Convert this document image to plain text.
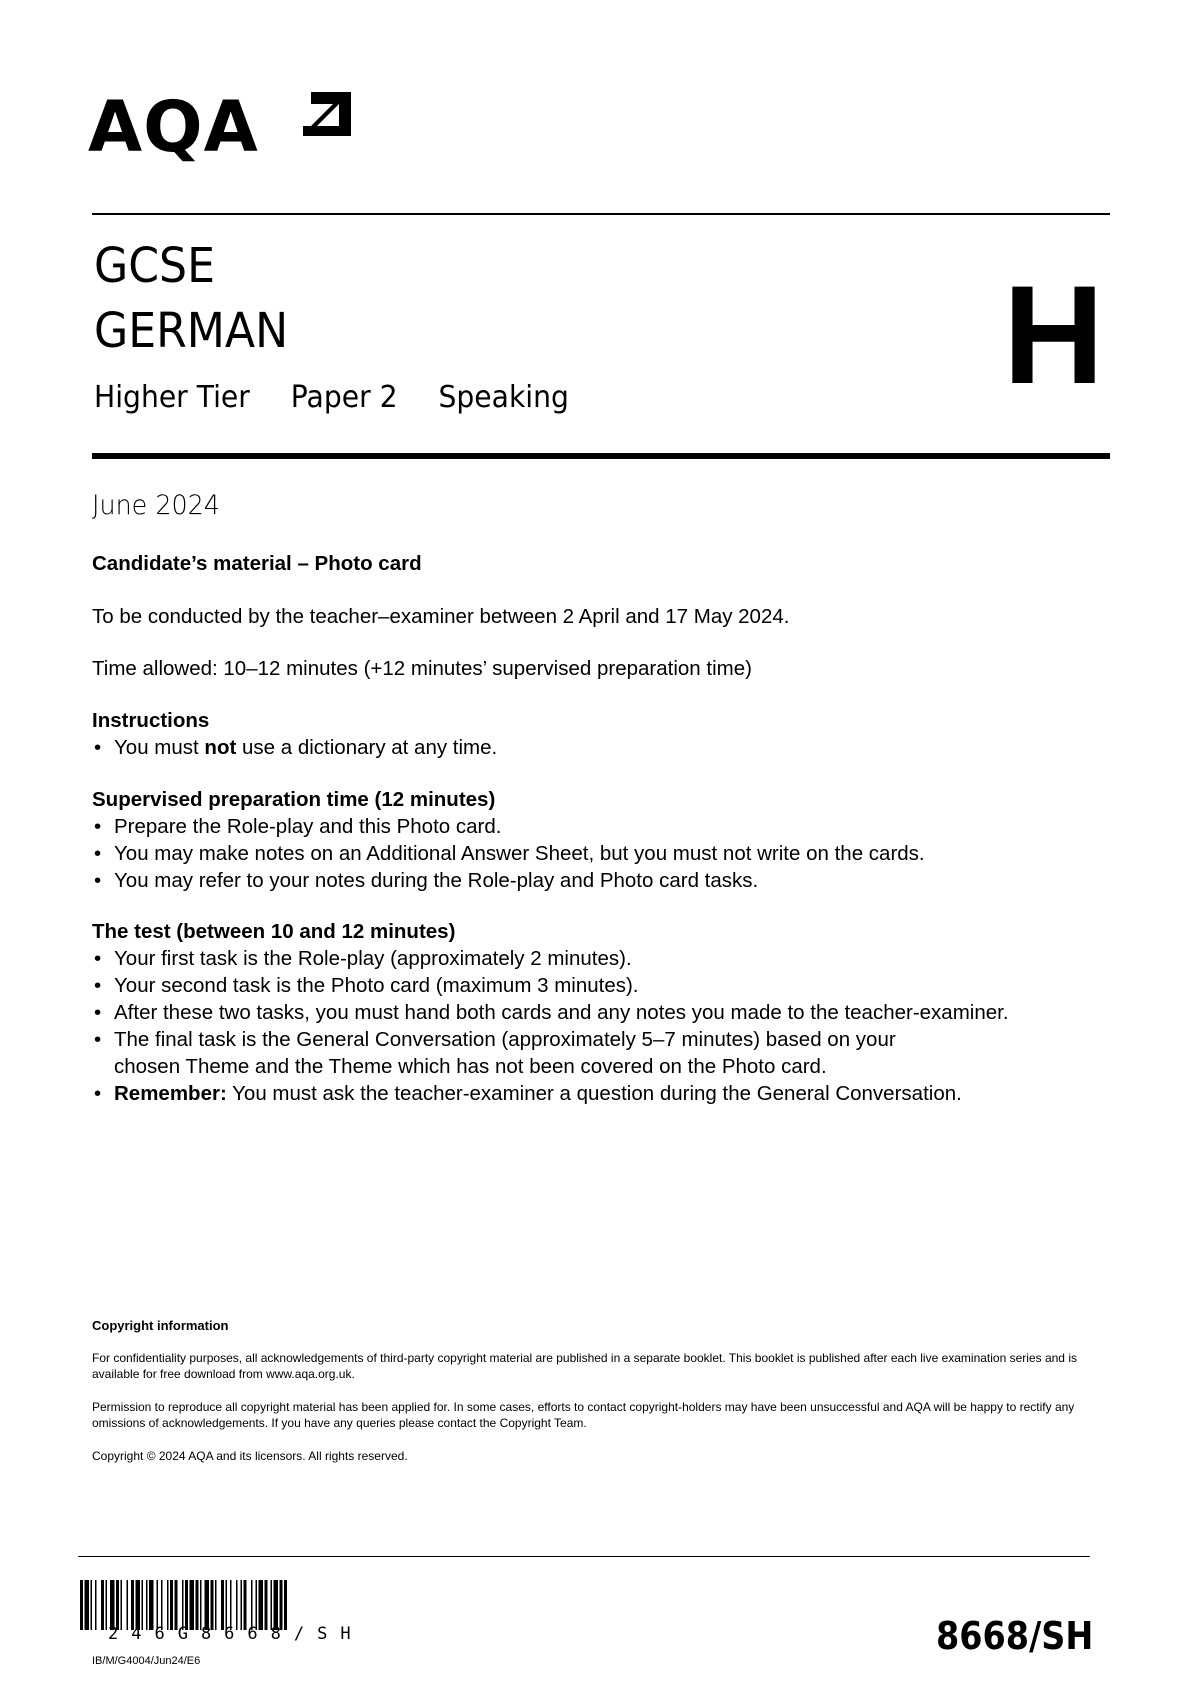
AQA
GCSE
GERMAN
Higher Tier Paper 2 Speaking	H
June 2024
Candidate’s material – Photo card
To be conducted by the teacher–examiner between 2 April and 17 May 2024.
Time allowed: 10–12 minutes (+12 minutes’ supervised preparation time)
Instructions
• You must not use a dictionary at any time.
Supervised preparation time (12 minutes)
• Prepare the Role-play and this Photo card.
• You may make notes on an Additional Answer Sheet, but you must not write on the cards.
• You may refer to your notes during the Role-play and Photo card tasks.
The test (between 10 and 12 minutes)
• Your first task is the Role-play (approximately 2 minutes).
• Your second task is the Photo card (maximum 3 minutes).
• After these two tasks, you must hand both cards and any notes you made to the teacher-examiner.
• The final task is the General Conversation (approximately 5–7 minutes) based on your chosen Theme and the Theme which has not been covered on the Photo card.
• Remember: You must ask the teacher-examiner a question during the General Conversation.
Copyright information
For confidentiality purposes, all acknowledgements of third-party copyright material are published in a separate booklet. This booklet is published after each live examination series and is available for free download from www.aqa.org.uk.
Permission to reproduce all copyright material has been applied for. In some cases, efforts to contact copyright-holders may have been unsuccessful and AQA will be happy to rectify any omissions of acknowledgements. If you have any queries please contact the Copyright Team.
Copyright © 2024 AQA and its licensors. All rights reserved.
246G8668/SH
IB/M/G4004/Jun24/E6
8668/SH
